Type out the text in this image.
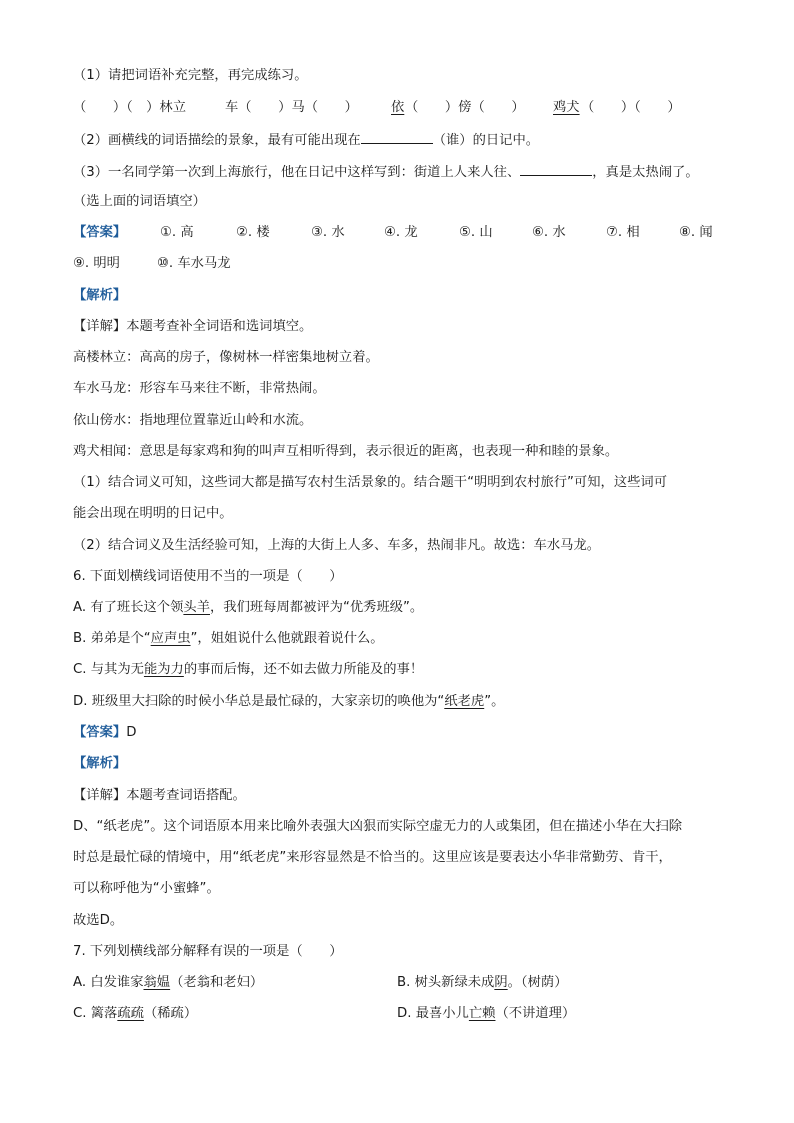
（1）请把词语补充完整，再完成练习。
（　　）（　）林立	车（　　）马（　　） 依 （　　）傍（　　） 鸡犬 （　　）（　　）
（2）画横线的词语描绘的景象，最有可能出现在	（谁）的日记中。
（3）一名同学第一次到上海旅行，他在日记中这样写到：街道上人来人往、	，真是太热闹了。
（选上面的词语填空）
【答案】	①. 高	②. 楼	③. 水	④. 龙	⑤. 山	⑥. 水	⑦. 相	⑧. 闻
⑨. 明明	⑩. 车水马龙
【解析】
【详解】本题考查补全词语和选词填空。
高楼林立：高高的房子，像树林一样密集地树立着。
车水马龙：形容车马来往不断，非常热闹。
依山傍水：指地理位置靠近山岭和水流。
鸡犬相闻：意思是每家鸡和狗的叫声互相听得到，表示很近的距离，也表现一种和睦的景象。
（1）结合词义可知，这些词大都是描写农村生活景象的。结合题干“明明到农村旅行”可知，这些词可
能会出现在明明的日记中。
（2）结合词义及生活经验可知，上海的大街上人多、车多，热闹非凡。故选：车水马龙。
6. 下面划横线词语使用不当的一项是（　　）
A. 有了班长这个领头羊，我们班每周都被评为“优秀班级”。
B. 弟弟是个“应声虫”，姐姐说什么他就跟着说什么。
C. 与其为无能为力的事而后悔，还不如去做力所能及的事！
D. 班级里大扫除的时候小华总是最忙碌的，大家亲切的唤他为“纸老虎”。
【答案】D
【解析】
【详解】本题考查词语搭配。
D、“纸老虎”。这个词语原本用来比喻外表强大凶狠而实际空虚无力的人或集团，但在描述小华在大扫除
时总是最忙碌的情境中，用“纸老虎”来形容显然是不恰当的。这里应该是要表达小华非常勤劳、肯干，
可以称呼他为“小蜜蜂”。
故选D。
7. 下列划横线部分解释有误的一项是（　　）
A. 白发谁家翁媪（老翁和老妇）	B. 树头新绿未成阴。（树荫）
C. 篱落疏疏（稀疏）	D. 最喜小儿亡赖（不讲道理）
